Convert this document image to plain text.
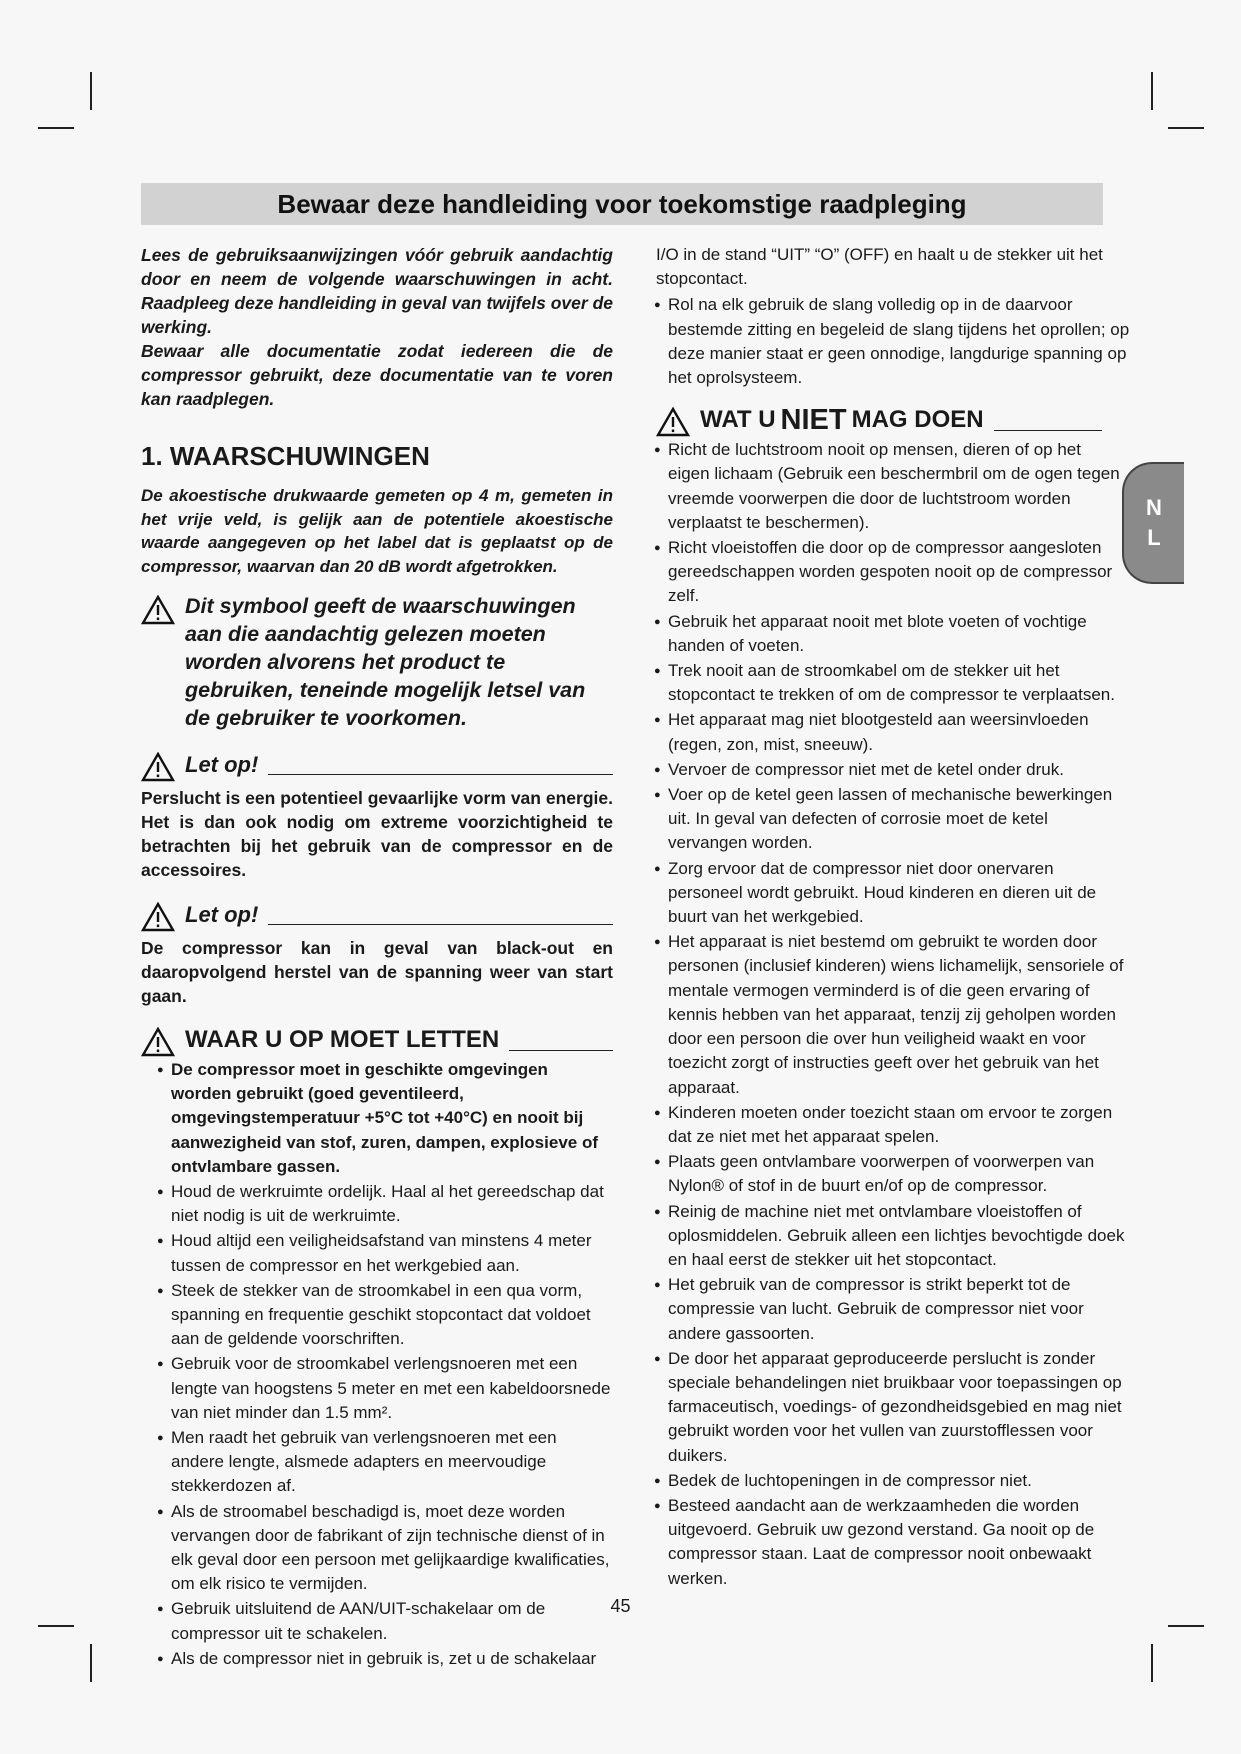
Bewaar deze handleiding voor toekomstige raadpleging

Lees de gebruiksaanwijzingen vóór gebruik aandachtig door en neem de volgende waarschuwingen in acht. Raadpleeg deze handleiding in geval van twijfels over de werking.

Bewaar alle documentatie zodat iedereen die de compressor gebruikt, deze documentatie van te voren kan raadplegen.

1. WAARSCHUWINGEN

De akoestische drukwaarde gemeten op 4 m, gemeten in het vrije veld, is gelijk aan de potentiele akoestische waarde aangegeven op het label dat is geplaatst op de compressor, waarvan dan 20 dB wordt afgetrokken.

Dit symbool geeft de waarschuwingen aan die aandachtig gelezen moeten worden alvorens het product te gebruiken, teneinde mogelijk letsel van de gebruiker te voorkomen.
Let op!

Perslucht is een potentieel gevaarlijke vorm van energie. Het is dan ook nodig om extreme voorzichtigheid te betrachten bij het gebruik van de compressor en de accessoires.

Let op!

De compressor kan in geval van black-out en daaropvolgend herstel van de spanning weer van start gaan.

WAAR U OP MOET LETTEN
● De compressor moet in geschikte omgevingen worden gebruikt (goed geventileerd, omgevingstemperatuur +5°C tot +40°C) en nooit bij aanwezigheid van stof, zuren, dampen, explosieve of ontvlambare gassen.
● Houd de werkruimte ordelijk. Haal al het gereedschap dat niet nodig is uit de werkruimte.
● Houd altijd een veiligheidsafstand van minstens 4 meter tussen de compressor en het werkgebied aan.
● Steek de stekker van de stroomkabel in een qua vorm, spanning en frequentie geschikt stopcontact dat voldoet aan de geldende voorschriften.
● Gebruik voor de stroomkabel verlengsnoeren met een lengte van hoogstens 5 meter en met een kabeldoorsnede van niet minder dan 1.5 mm².
● Men raadt het gebruik van verlengsnoeren met een andere lengte, alsmede adapters en meervoudige stekkerdozen af.
● Als de stroomabel beschadigd is, moet deze worden vervangen door de fabrikant of zijn technische dienst of in elk geval door een persoon met gelijkaardige kwalificaties, om elk risico te vermijden.
● Gebruik uitsluitend de AAN/UIT-schakelaar om de compressor uit te schakelen.
● Als de compressor niet in gebruik is, zet u de schakelaar

I/O in de stand “UIT” “O” (OFF) en haalt u de stekker uit het stopcontact.

● Rol na elk gebruik de slang volledig op in de daarvoor bestemde zitting en begeleid de slang tijdens het oprollen; op deze manier staat er geen onnodige, langdurige spanning op het oprolsysteem.
WAT U NIET MAG DOEN
● Richt de luchtstroom nooit op mensen, dieren of op het eigen lichaam (Gebruik een beschermbril om de ogen tegen vreemde voorwerpen die door de luchtstroom worden verplaatst te beschermen).
● Richt vloeistoffen die door op de compressor aangesloten gereedschappen worden gespoten nooit op de compressor zelf.
● Gebruik het apparaat nooit met blote voeten of vochtige handen of voeten.
● Trek nooit aan de stroomkabel om de stekker uit het stopcontact te trekken of om de compressor te verplaatsen.
● Het apparaat mag niet blootgesteld aan weersinvloeden (regen, zon, mist, sneeuw).
● Vervoer de compressor niet met de ketel onder druk.
● Voer op de ketel geen lassen of mechanische bewerkingen uit. In geval van defecten of corrosie moet de ketel vervangen worden.
● Zorg ervoor dat de compressor niet door onervaren personeel wordt gebruikt. Houd kinderen en dieren uit de buurt van het werkgebied.
● Het apparaat is niet bestemd om gebruikt te worden door personen (inclusief kinderen) wiens lichamelijk, sensoriele of mentale vermogen verminderd is of die geen ervaring of kennis hebben van het apparaat, tenzij zij geholpen worden door een persoon die over hun veiligheid waakt en voor toezicht zorgt of instructies geeft over het gebruik van het apparaat.
● Kinderen moeten onder toezicht staan om ervoor te zorgen dat ze niet met het apparaat spelen.
● Plaats geen ontvlambare voorwerpen of voorwerpen van Nylon® of stof in de buurt en/of op de compressor.
● Reinig de machine niet met ontvlambare vloeistoffen of oplosmiddelen. Gebruik alleen een lichtjes bevochtigde doek en haal eerst de stekker uit het stopcontact.
● Het gebruik van de compressor is strikt beperkt tot de compressie van lucht. Gebruik de compressor niet voor andere gassoorten.
● De door het apparaat geproduceerde perslucht is zonder speciale behandelingen niet bruikbaar voor toepassingen op farmaceutisch, voedings- of gezondheidsgebied en mag niet gebruikt worden voor het vullen van zuurstofflessen voor duikers.
● Bedek de luchtopeningen in de compressor niet.
● Besteed aandacht aan de werkzaamheden die worden uitgevoerd. Gebruik uw gezond verstand. Ga nooit op de compressor staan. Laat de compressor nooit onbewaakt werken.
N
L
45
